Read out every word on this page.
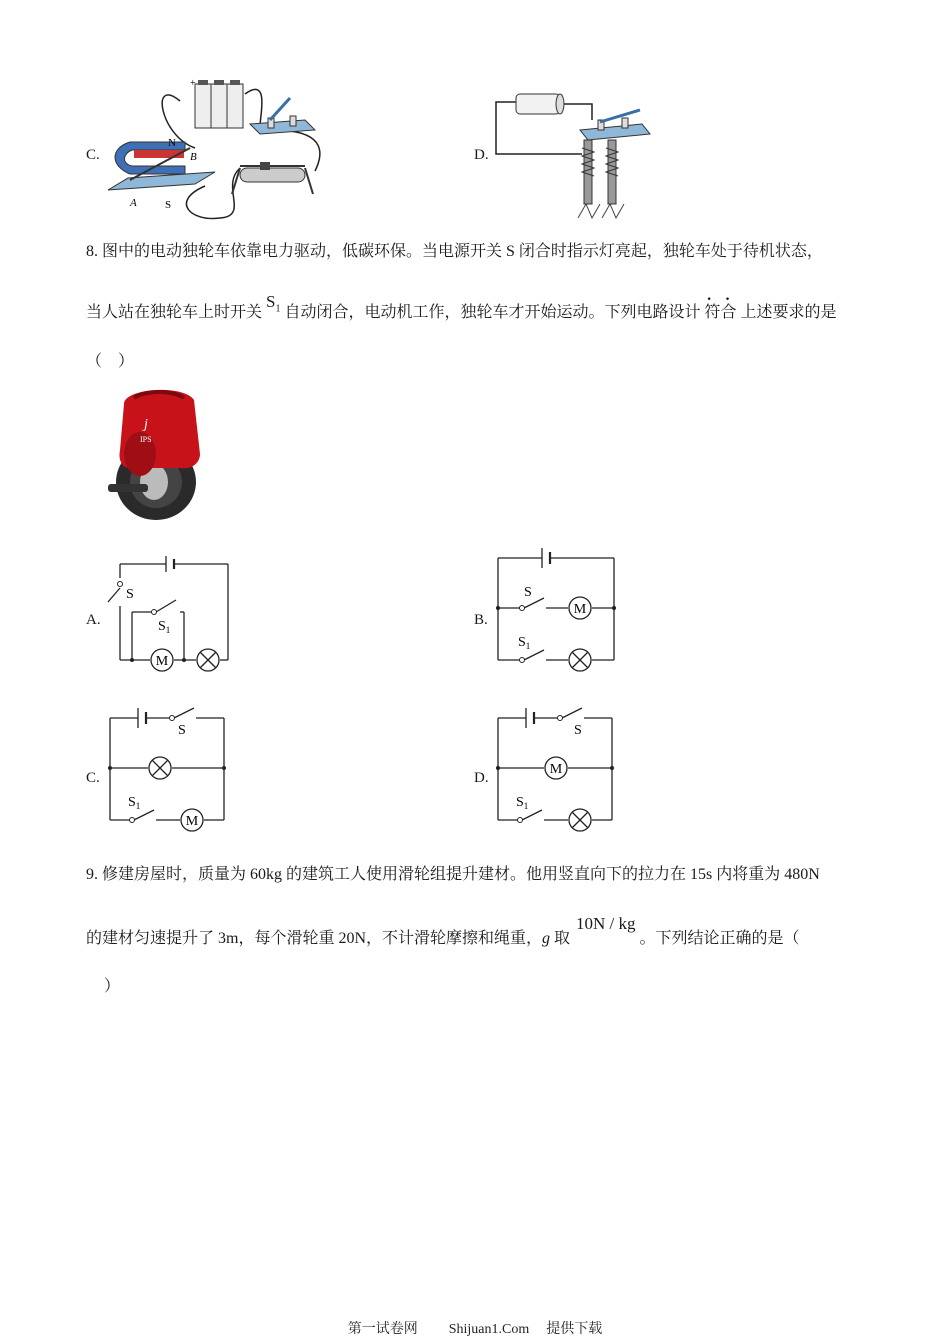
C.
+
N
B
A	S
D.
8. 图中的电动独轮车依靠电力驱动，低碳环保。当电源开关 S 闭合时指示灯亮起，独轮车处于待机状态，
当人站在独轮车上时开关 $S_1$ 自动闭合，电动机工作，独轮车才开始运动。下列电路设计 符合
··
上述要求的是
（　）
IPS
j
A.
S
$S_1$
M
B.
S
$S_1$
M
C.
S
$S_1$
M
D.
S
$S_1$
M
9. 修建房屋时，质量为 60kg 的建筑工人使用滑轮组提升建材。他用竖直向下的拉力在 15s 内将重为 480N
的建材匀速提升了 3m，每个滑轮重 20N，不计滑轮摩擦和绳重，g 取 10N / kg 。下列结论正确的是（
）
第一试卷网 Shijuan1.Com 提供下载
